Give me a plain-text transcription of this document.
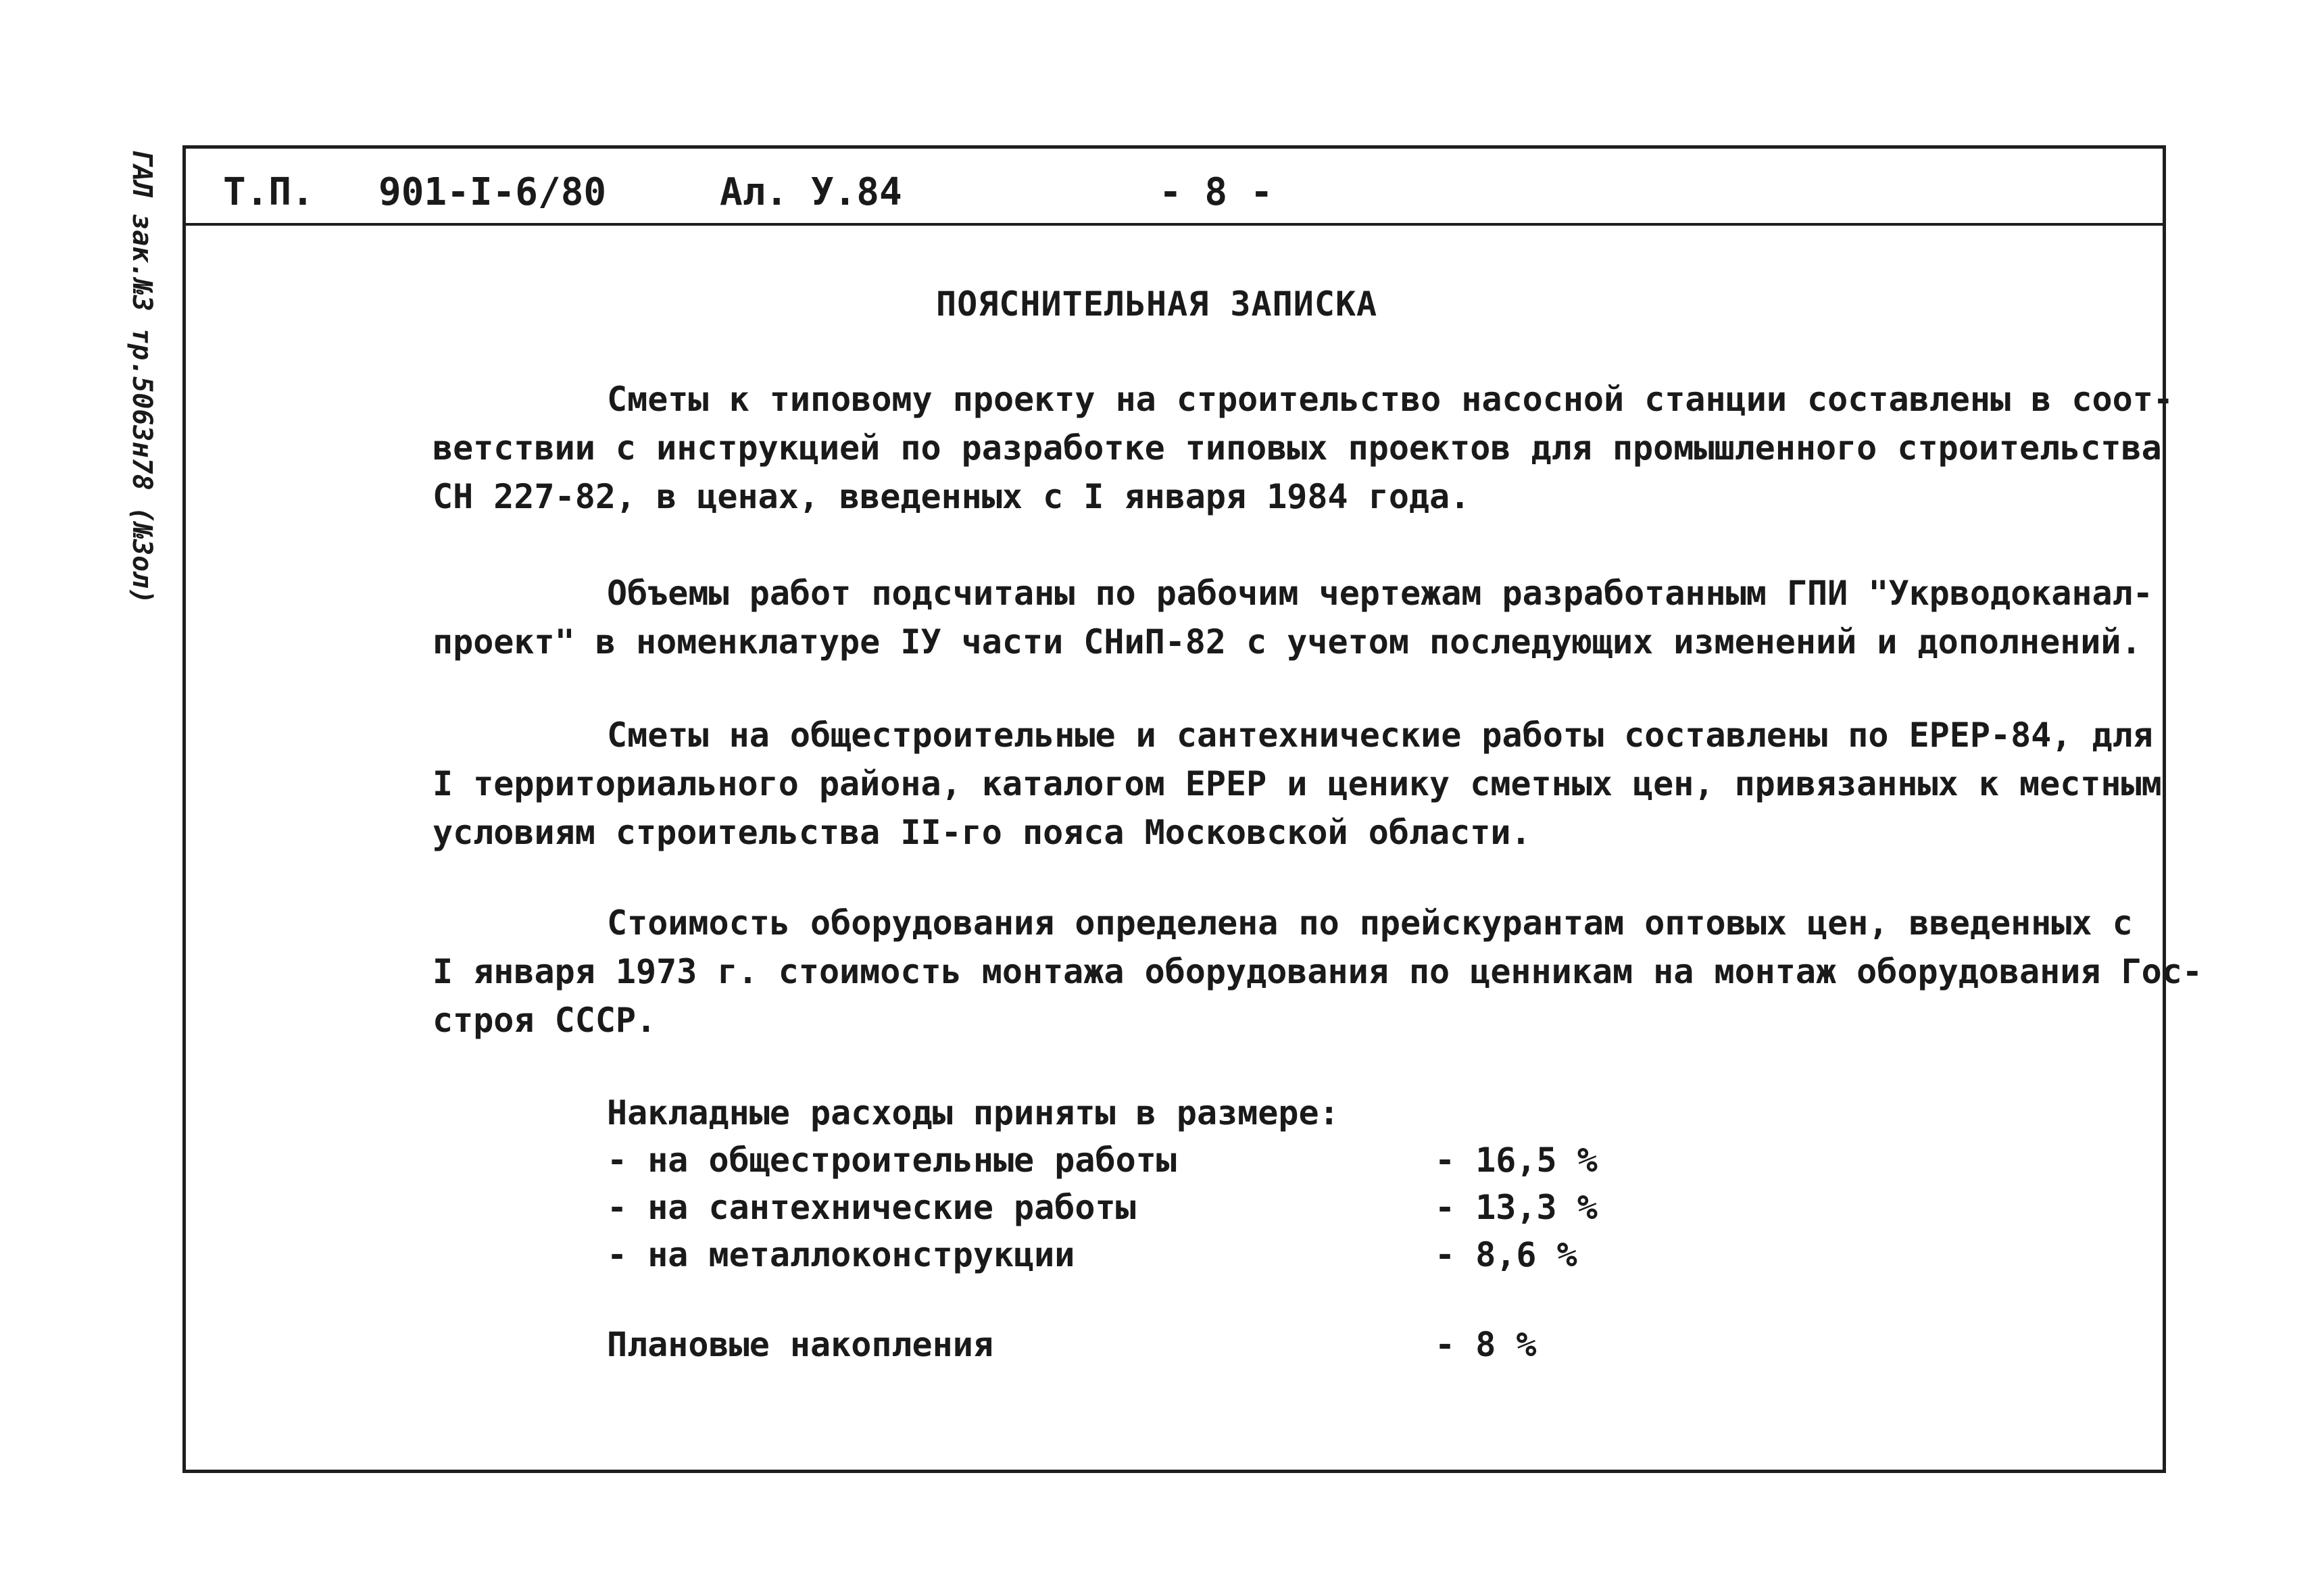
ГАЛ зак.№3 тр.5063н78 (№3ол) Т.П. 901-I-6/80	Ал. У.84	- 8 -
ПОЯСНИТЕЛЬНАЯ ЗАПИСКА

Сметы к типовому проекту на строительство насосной станции составлены в соот-
ветствии с инструкцией по разработке типовых проектов для промышленного строительства
СН 227-82, в ценах, введенных с I января 1984 года.

Объемы работ подсчитаны по рабочим чертежам разработанным ГПИ "Укрводоканал-
проект" в номенклатуре IУ части СНиП-82 с учетом последующих изменений и дополнений.

Сметы на общестроительные и сантехнические работы составлены по ЕРЕР-84, для
I территориального района, каталогом ЕРЕР и ценику сметных цен, привязанных к местным
условиям строительства II-го пояса Московской области.

Стоимость оборудования определена по прейскурантам оптовых цен, введенных с
I января 1973 г. стоимость монтажа оборудования по ценникам на монтаж оборудования Гос-
строя СССР.

Накладные расходы приняты в размере:
- на общестроительные работы	- 16,5 %
- на сантехнические работы	- 13,3 %
- на металлоконструкции	- 8,6 %
Плановые накопления	- 8 %
